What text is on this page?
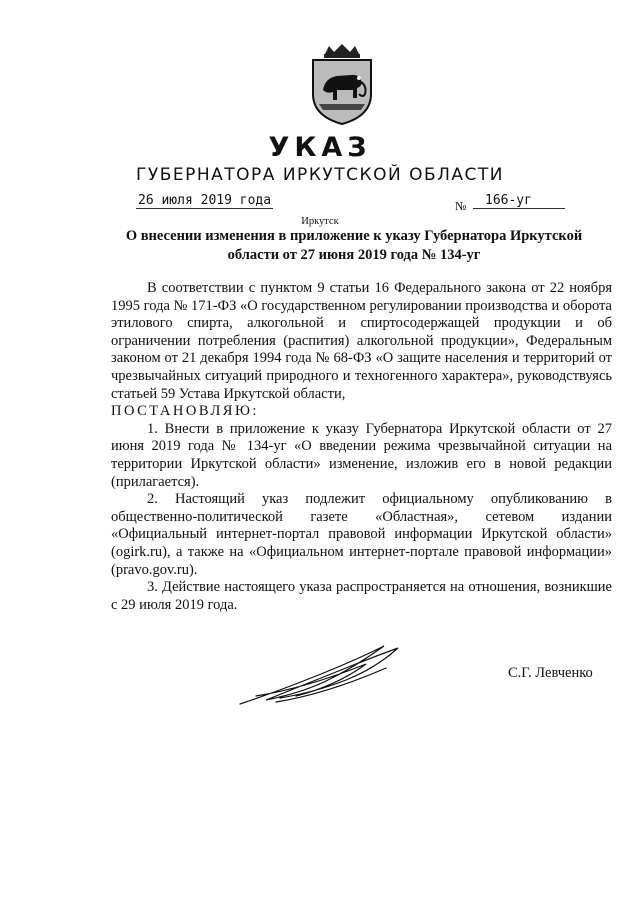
УКАЗ
ГУБЕРНАТОРА ИРКУТСКОЙ ОБЛАСТИ
26 июля 2019 года	№	166-уг
Иркутск
О внесении изменения в приложение к указу Губернатора Иркутской области от 27 июня 2019 года № 134-уг

В соответствии с пунктом 9 статьи 16 Федерального закона от 22 ноября 1995 года № 171-ФЗ «О государственном регулировании производства и оборота этилового спирта, алкогольной и спиртосодержащей продукции и об ограничении потребления (распития) алкогольной продукции», Федеральным законом от 21 декабря 1994 года № 68-ФЗ «О защите населения и территорий от чрезвычайных ситуаций природного и техногенного характера», руководствуясь статьей 59 Устава Иркутской области,

ПОСТАНОВЛЯЮ:

1. Внести в приложение к указу Губернатора Иркутской области от 27 июня 2019 года № 134-уг «О введении режима чрезвычайной ситуации на территории Иркутской области» изменение, изложив его в новой редакции (прилагается).

2. Настоящий указ подлежит официальному опубликованию в общественно-политической газете «Областная», сетевом издании «Официальный интернет-портал правовой информации Иркутской области» (ogirk.ru), а также на «Официальном интернет-портале правовой информации» (pravo.gov.ru).

3. Действие настоящего указа распространяется на отношения, возникшие с 29 июля 2019 года.

С.Г. Левченко
